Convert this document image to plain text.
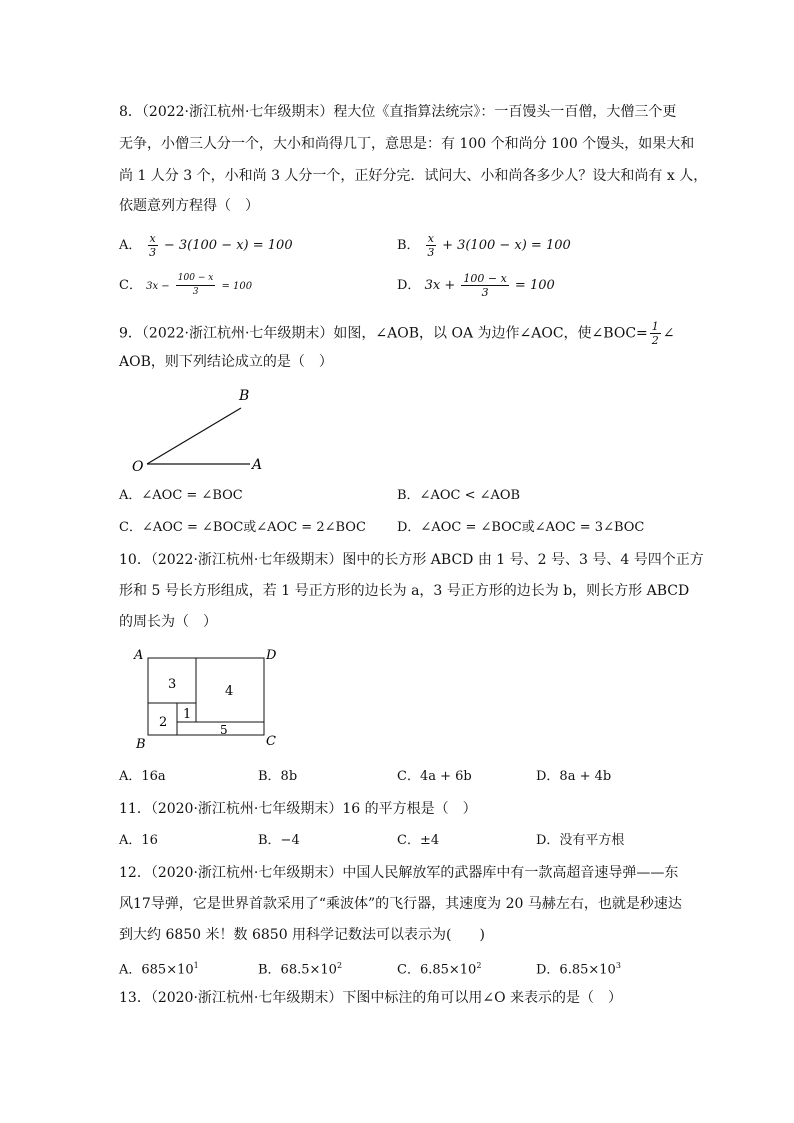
8．（2022·浙江杭州·七年级期末）程大位《直指算法统宗》：一百馒头一百僧，大僧三个更
无争，小僧三人分一个，大小和尚得几丁，意思是：有 100 个和尚分 100 个馒头，如果大和
尚 1 人分 3 个，小和尚 3 人分一个，正好分完．试问大、小和尚各多少人？设大和尚有 x 人，
依题意列方程得（　）
A． $\frac{x}{3} - 3(100 - x) = 100$	B． $\frac{x}{3} + 3(100 - x) = 100$
C． $3x - \frac{100 - x}{3} = 100$	D． $3x + \frac{100 - x}{3} = 100$
9．（2022·浙江杭州·七年级期末）如图，∠AOB，以 OA 为边作∠AOC，使∠BOC= $\frac{1}{2}$ ∠
AOB，则下列结论成立的是（　）
B
O	A
A．∠AOC = ∠BOC	B．∠AOC < ∠AOB
C．∠AOC = ∠BOC或∠AOC = 2∠BOC D．∠AOC = ∠BOC或∠AOC = 3∠BOC
10．（2022·浙江杭州·七年级期末）图中的长方形 ABCD 由 1 号、2 号、3 号、4 号四个正方
形和 5 号长方形组成，若 1 号正方形的边长为 a，3 号正方形的边长为 b，则长方形 ABCD
的周长为（　）
A	D
B	C
3	4
2
1
5
A．16a	B．8b	C．4a + 6b	D．8a + 4b
11．（2020·浙江杭州·七年级期末）16 的平方根是（　）
A．16	B．−4	C．±4	D．没有平方根
12．（2020·浙江杭州·七年级期末）中国人民解放军的武器库中有一款高超音速导弹——东
风17导弹，它是世界首款采用了“乘波体”的飞行器，其速度为 20 马赫左右，也就是秒速达
到大约 6850 米！数 6850 用科学记数法可以表示为(　　)
A．$685\times 10^1$	B．$68.5\times 10^2$	C．$6.85\times 10^2$	D．$6.85\times 10^3$
13．（2020·浙江杭州·七年级期末）下图中标注的角可以用∠O 来表示的是（　）
